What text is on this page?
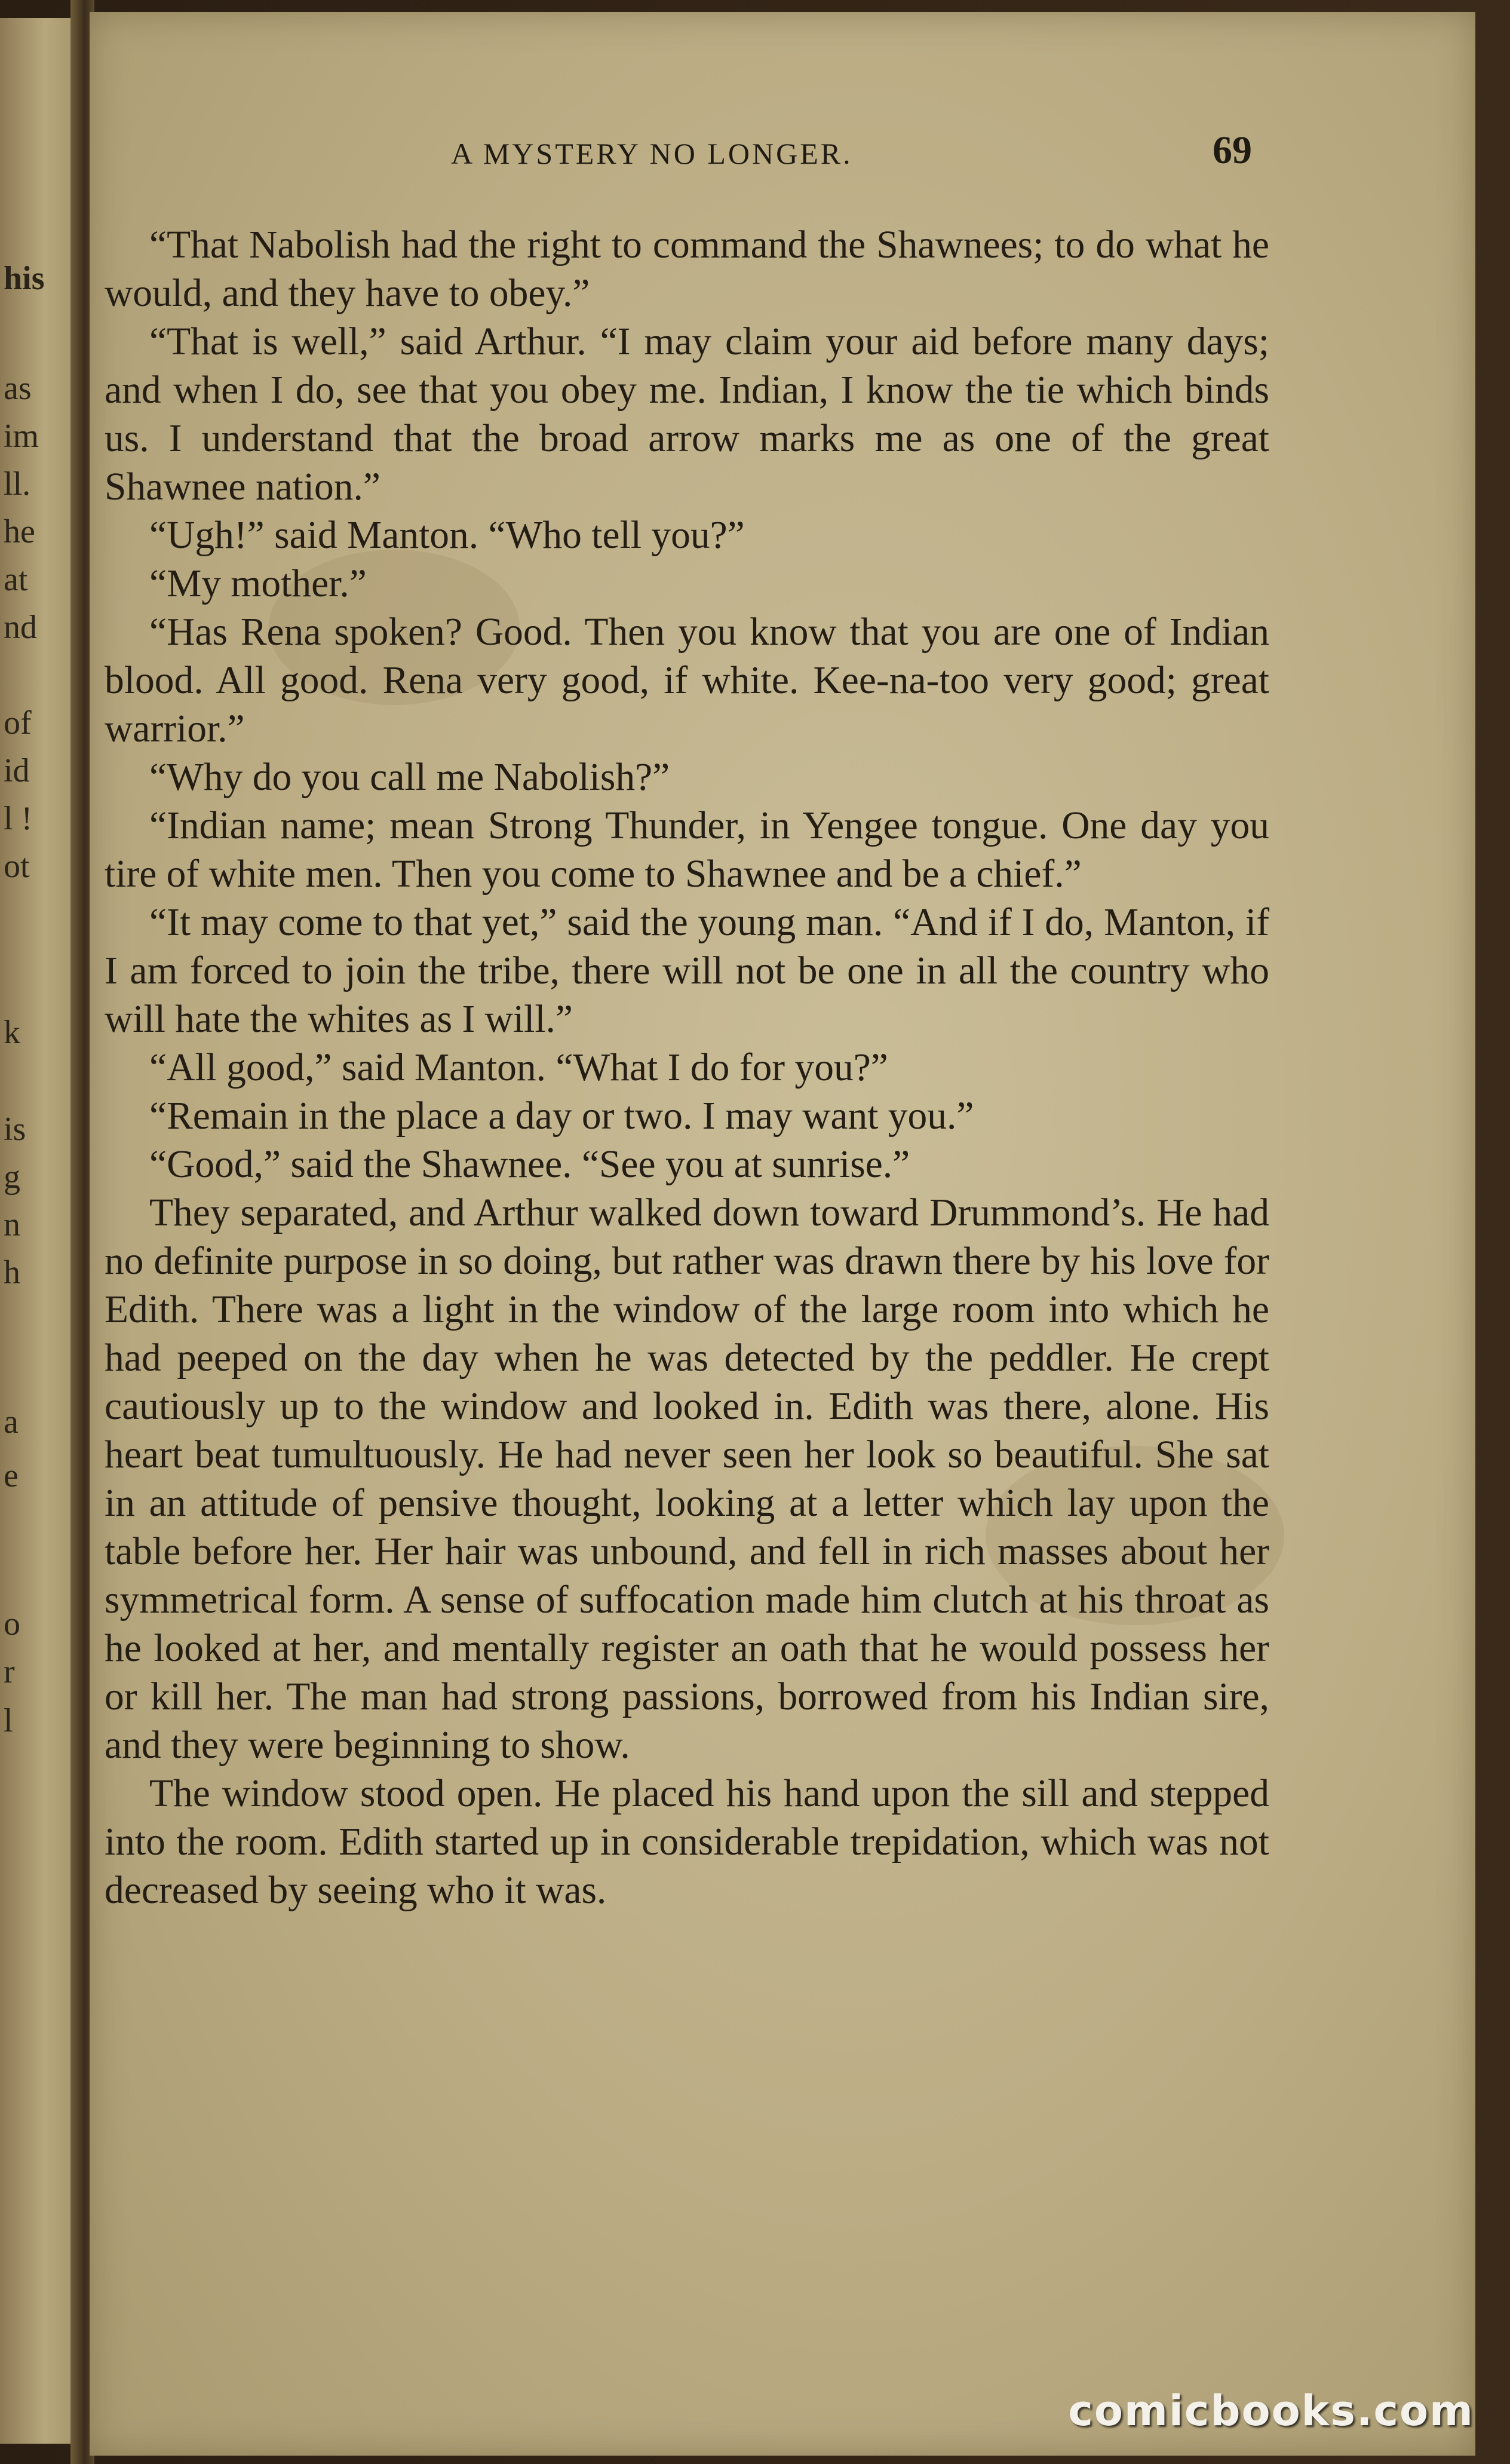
his
as
im
ll.
he
at
nd
of
id
l !
ot
k
is
g
n
h
a
e
o
r
l
A MYSTERY NO LONGER.	69

“That Nabolish had the right to command the Shawnees; to do what he would, and they have to obey.”

“That is well,” said Arthur. “I may claim your aid before many days; and when I do, see that you obey me. Indian, I know the tie which binds us. I understand that the broad arrow marks me as one of the great Shawnee nation.”

“Ugh!” said Manton. “Who tell you?”

“My mother.”

“Has Rena spoken? Good. Then you know that you are one of Indian blood. All good. Rena very good, if white. Kee-na-too very good; great warrior.”

“Why do you call me Nabolish?”

“Indian name; mean Strong Thunder, in Yengee tongue. One day you tire of white men. Then you come to Shawnee and be a chief.”

“It may come to that yet,” said the young man. “And if I do, Manton, if I am forced to join the tribe, there will not be one in all the country who will hate the whites as I will.”

“All good,” said Manton. “What I do for you?”

“Remain in the place a day or two. I may want you.”

“Good,” said the Shawnee. “See you at sunrise.”

They separated, and Arthur walked down toward Drummond’s. He had no definite purpose in so doing, but rather was drawn there by his love for Edith. There was a light in the window of the large room into which he had peeped on the day when he was detected by the peddler. He crept cautiously up to the window and looked in. Edith was there, alone. His heart beat tumultuously. He had never seen her look so beautiful. She sat in an attitude of pensive thought, looking at a letter which lay upon the table before her. Her hair was unbound, and fell in rich masses about her symmetrical form. A sense of suffocation made him clutch at his throat as he looked at her, and mentally register an oath that he would possess her or kill her. The man had strong passions, borrowed from his Indian sire, and they were beginning to show.

The window stood open. He placed his hand upon the sill and stepped into the room. Edith started up in considerable trepidation, which was not decreased by seeing who it was.

comicbooks.com
